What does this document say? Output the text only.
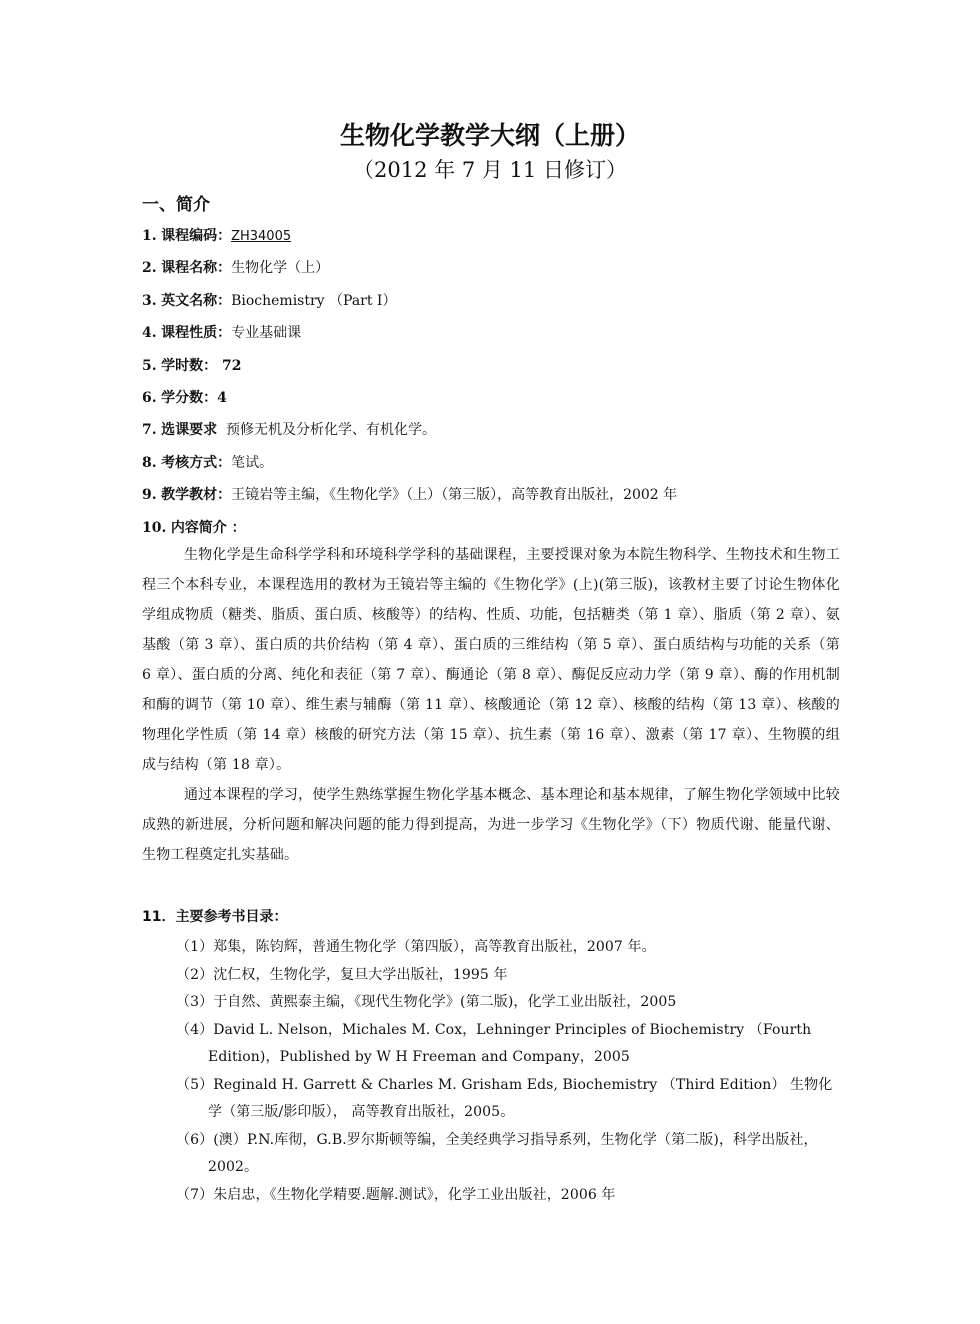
生物化学教学大纲（上册）
（2012 年 7 月 11 日修订）
一、简介
1. 课程编码：ZH34005
2. 课程名称：生物化学（上）
3. 英文名称：Biochemistry （Part I）
4. 课程性质：专业基础课
5. 学时数： 72
6. 学分数：4
7. 选课要求  预修无机及分析化学、有机化学。
8. 考核方式：笔试。
9. 教学教材：王镜岩等主编，《生物化学》（上）（第三版），高等教育出版社，2002 年
10. 内容简介 ：

生物化学是生命科学学科和环境科学学科的基础课程，主要授课对象为本院生物科学、生物技术和生物工程三个本科专业，本课程选用的教材为王镜岩等主编的《生物化学》(上)(第三版)，该教材主要了讨论生物体化学组成物质（糖类、脂质、蛋白质、核酸等）的结构、性质、功能，包括糖类（第 1 章）、脂质（第 2 章）、氨基酸（第 3 章）、蛋白质的共价结构（第 4 章）、蛋白质的三维结构（第 5 章）、蛋白质结构与功能的关系（第 6 章）、蛋白质的分离、纯化和表征（第 7 章）、酶通论（第 8 章）、酶促反应动力学（第 9 章）、酶的作用机制和酶的调节（第 10 章）、维生素与辅酶（第 11 章）、核酸通论（第 12 章）、核酸的结构（第 13 章）、核酸的物理化学性质（第 14 章）核酸的研究方法（第 15 章）、抗生素（第 16 章）、激素（第 17 章）、生物膜的组成与结构（第 18 章）。

通过本课程的学习，使学生熟练掌握生物化学基本概念、基本理论和基本规律，了解生物化学领域中比较成熟的新进展，分析问题和解决问题的能力得到提高，为进一步学习《生物化学》（下）物质代谢、能量代谢、生物工程奠定扎实基础。

11．主要参考书目录：
（1）郑集，陈钧辉，普通生物化学（第四版），高等教育出版社，2007 年。
（2）沈仁权，生物化学，复旦大学出版社，1995 年
（3）于自然、黄熙泰主编，《现代生物化学》(第二版)，化学工业出版社，2005
（4）David L. Nelson，Michales M. Cox，Lehninger Principles of Biochemistry （Fourth Edition)，Published by W H Freeman and Company，2005
（5）Reginald H. Garrett & Charles M. Grisham Eds, Biochemistry （Third Edition） 生物化学（第三版/影印版）， 高等教育出版社，2005。
（6）(澳）P.N.库彻，G.B.罗尔斯顿等编，全美经典学习指导系列，生物化学（第二版)，科学出版社，2002。
（7）朱启忠，《生物化学精要.题解.测试》，化学工业出版社，2006 年
